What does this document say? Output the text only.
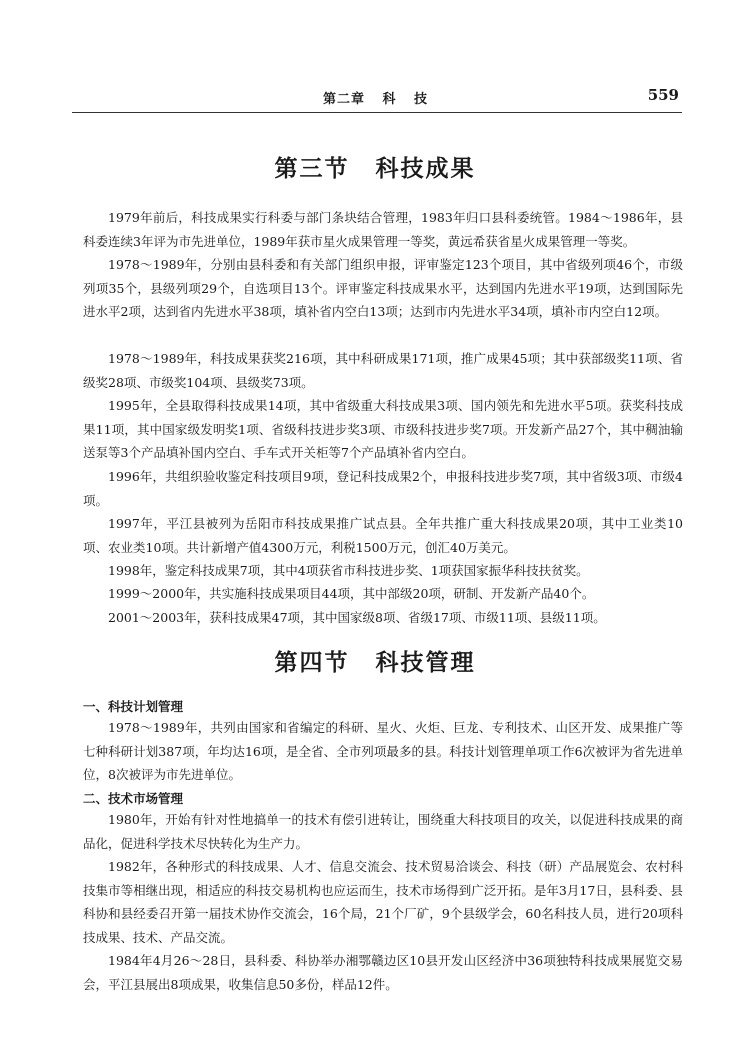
第二章 科 技	559
第三节 科技成果

1979年前后，科技成果实行科委与部门条块结合管理，1983年归口县科委统管。1984～1986年，县科委连续3年评为市先进单位，1989年获市星火成果管理一等奖，黄远希获省星火成果管理一等奖。

1978～1989年，分别由县科委和有关部门组织申报，评审鉴定123个项目，其中省级列项46个，市级列项35个，县级列项29个，自选项目13个。评审鉴定科技成果水平，达到国内先进水平19项，达到国际先进水平2项，达到省内先进水平38项，填补省内空白13项；达到市内先进水平34项，填补市内空白12项。

1978～1989年，科技成果获奖216项，其中科研成果171项，推广成果45项；其中获部级奖11项、省级奖28项、市级奖104项、县级奖73项。

1995年，全县取得科技成果14项，其中省级重大科技成果3项、国内领先和先进水平5项。获奖科技成果11项，其中国家级发明奖1项、省级科技进步奖3项、市级科技进步奖7项。开发新产品27个，其中稠油输送泵等3个产品填补国内空白、手车式开关柜等7个产品填补省内空白。

1996年，共组织验收鉴定科技项目9项，登记科技成果2个，申报科技进步奖7项，其中省级3项、市级4项。

1997年，平江县被列为岳阳市科技成果推广试点县。全年共推广重大科技成果20项，其中工业类10项、农业类10项。共计新增产值4300万元，利税1500万元，创汇40万美元。

1998年，鉴定科技成果7项，其中4项获省市科技进步奖、1项获国家振华科技扶贫奖。

1999～2000年，共实施科技成果项目44项，其中部级20项，研制、开发新产品40个。

2001～2003年，获科技成果47项，其中国家级8项、省级17项、市级11项、县级11项。

第四节 科技管理

一、科技计划管理

1978～1989年，共列由国家和省编定的科研、星火、火炬、巨龙、专利技术、山区开发、成果推广等七种科研计划387项，年均达16项，是全省、全市列项最多的县。科技计划管理单项工作6次被评为省先进单位，8次被评为市先进单位。

二、技术市场管理

1980年，开始有针对性地搞单一的技术有偿引进转让，围绕重大科技项目的攻关，以促进科技成果的商品化，促进科学技术尽快转化为生产力。

1982年，各种形式的科技成果、人才、信息交流会、技术贸易洽谈会、科技（研）产品展览会、农村科技集市等相继出现，相适应的科技交易机构也应运而生，技术市场得到广泛开拓。是年3月17日，县科委、县科协和县经委召开第一届技术协作交流会，16个局，21个厂矿，9个县级学会，60名科技人员，进行20项科技成果、技术、产品交流。

1984年4月26～28日，县科委、科协举办湘鄂赣边区10县开发山区经济中36项独特科技成果展览交易会，平江县展出8项成果，收集信息50多份，样品12件。
